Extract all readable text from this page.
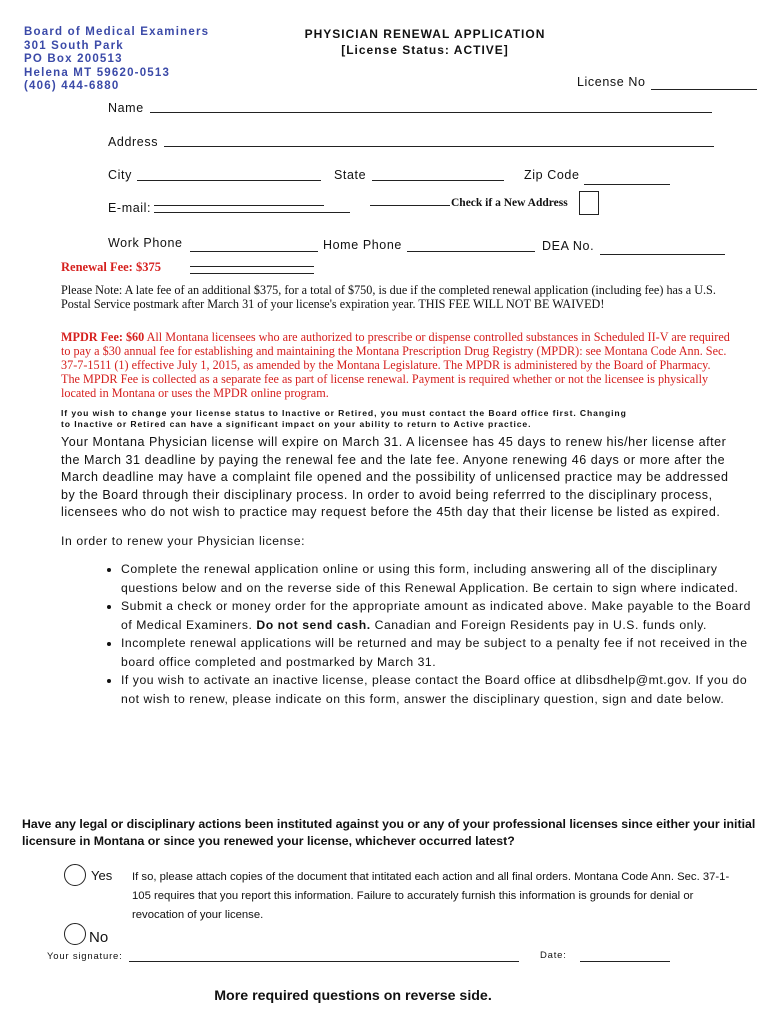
Board of Medical Examiners
301 South Park
PO Box 200513
Helena MT 59620-0513
(406) 444-6880
PHYSICIAN RENEWAL APPLICATION
[License Status: ACTIVE]
License No
Name
Address
City	State	Zip Code
E-mail:	Check if a New Address
Work Phone	Home Phone	DEA No.
Renewal Fee: $375
Please Note: A late fee of an additional $375, for a total of $750, is due if the completed renewal application (including fee) has a U.S. Postal Service postmark after March 31 of your license's expiration year. THIS FEE WILL NOT BE WAIVED!
MPDR Fee: $60 All Montana licensees who are authorized to prescribe or dispense controlled substances in Scheduled II-V are required to pay a $30 annual fee for establishing and maintaining the Montana Prescription Drug Registry (MPDR): see Montana Code Ann. Sec. 37-7-1511 (1) effective July 1, 2015, as amended by the Montana Legislature. The MPDR is administered by the Board of Pharmacy. The MPDR Fee is collected as a separate fee as part of license renewal. Payment is required whether or not the licensee is physically located in Montana or uses the MPDR online program.
If you wish to change your license status to Inactive or Retired, you must contact the Board office first. Changing
to Inactive or Retired can have a significant impact on your ability to return to Active practice.
Your Montana Physician license will expire on March 31. A licensee has 45 days to renew his/her license after the March 31 deadline by paying the renewal fee and the late fee. Anyone renewing 46 days or more after the March deadline may have a complaint file opened and the possibility of unlicensed practice may be addressed by the Board through their disciplinary process. In order to avoid being referrred to the disciplinary process, licensees who do not wish to practice may request before the 45th day that their license be listed as expired.
In order to renew your Physician license:
• Complete the renewal application online or using this form, including answering all of the disciplinary questions below and on the reverse side of this Renewal Application. Be certain to sign where indicated.
• Submit a check or money order for the appropriate amount as indicated above. Make payable to the Board of Medical Examiners. Do not send cash. Canadian and Foreign Residents pay in U.S. funds only.
• Incomplete renewal applications will be returned and may be subject to a penalty fee if not received in the board office completed and postmarked by March 31.
• If you wish to activate an inactive license, please contact the Board office at dlibsdhelp@mt.gov. If you do not wish to renew, please indicate on this form, answer the disciplinary question, sign and date below.
Have any legal or disciplinary actions been instituted against you or any of your professional licenses since either your initial licensure in Montana or since you renewed your license, whichever occurred latest?
Yes If so, please attach copies of the document that intitated each action and all final orders. Montana Code Ann. Sec. 37-1-105 requires that you report this information. Failure to accurately furnish this information is grounds for denial or revocation of your license.
No
Your signature:	Date:
More required questions on reverse side.
